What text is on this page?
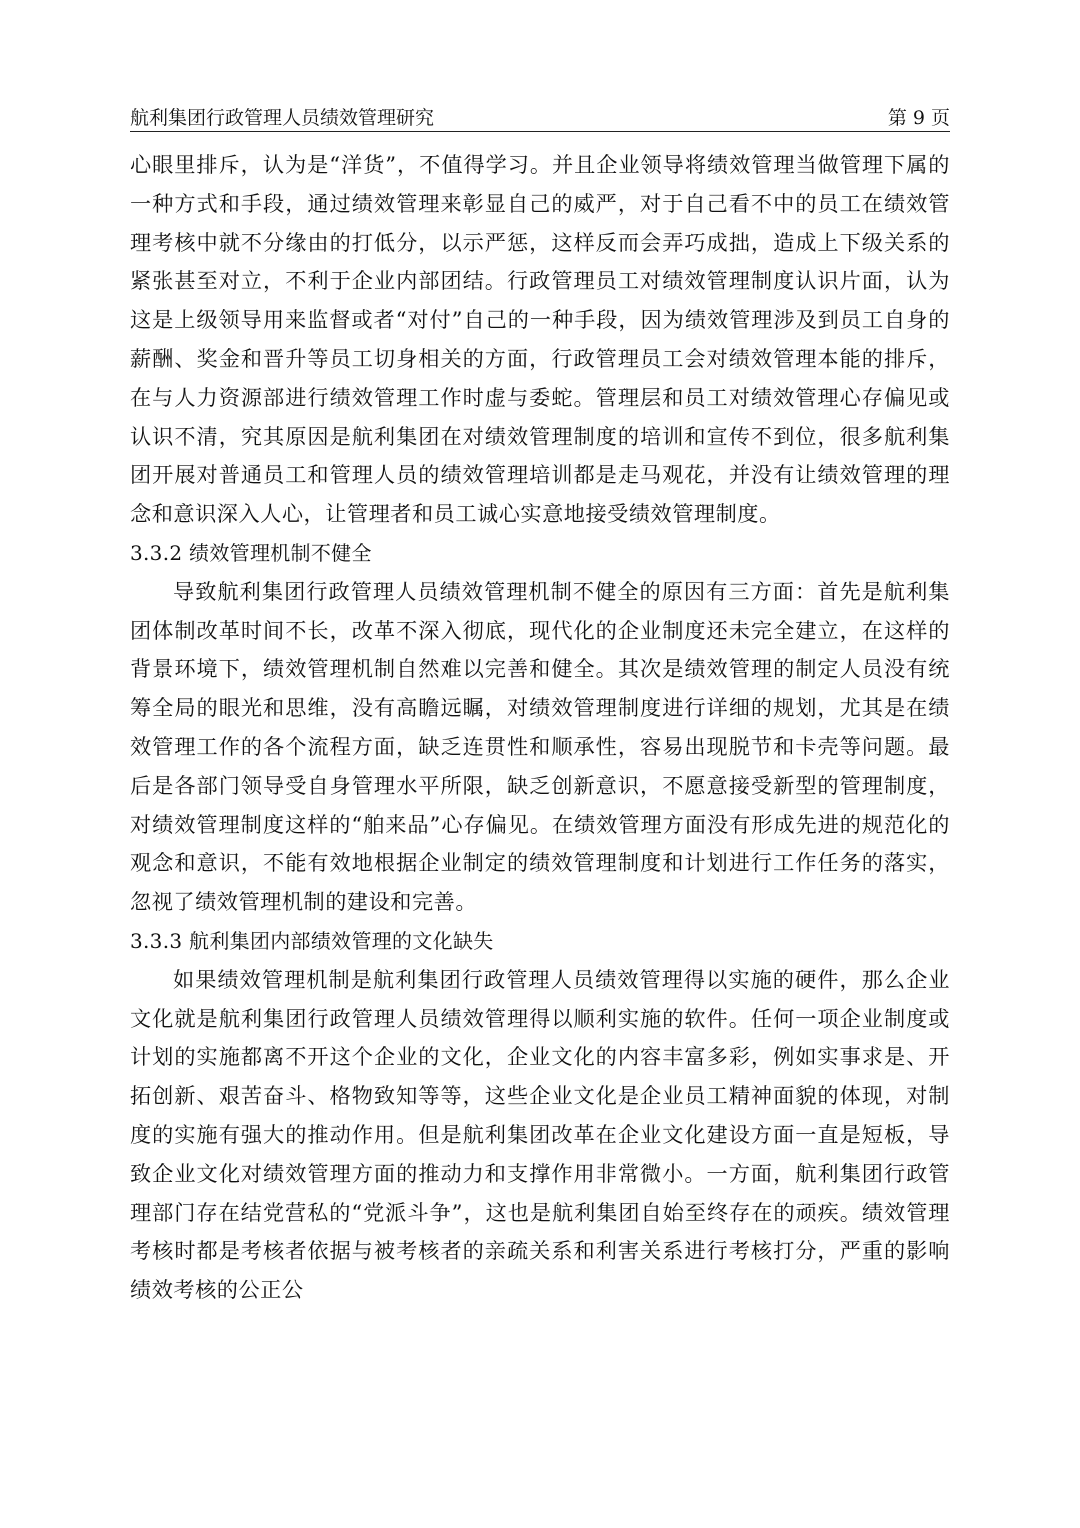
航利集团行政管理人员绩效管理研究	第 9 页

心眼里排斥，认为是“洋货”，不值得学习。并且企业领导将绩效管理当做管理下属的一种方式和手段，通过绩效管理来彰显自己的威严，对于自己看不中的员工在绩效管理考核中就不分缘由的打低分，以示严惩，这样反而会弄巧成拙，造成上下级关系的紧张甚至对立，不利于企业内部团结。行政管理员工对绩效管理制度认识片面，认为这是上级领导用来监督或者“对付”自己的一种手段，因为绩效管理涉及到员工自身的薪酬、奖金和晋升等员工切身相关的方面，行政管理员工会对绩效管理本能的排斥，在与人力资源部进行绩效管理工作时虚与委蛇。管理层和员工对绩效管理心存偏见或认识不清，究其原因是航利集团在对绩效管理制度的培训和宣传不到位，很多航利集团开展对普通员工和管理人员的绩效管理培训都是走马观花，并没有让绩效管理的理念和意识深入人心，让管理者和员工诚心实意地接受绩效管理制度。

3.3.2 绩效管理机制不健全

导致航利集团行政管理人员绩效管理机制不健全的原因有三方面：首先是航利集团体制改革时间不长，改革不深入彻底，现代化的企业制度还未完全建立，在这样的背景环境下，绩效管理机制自然难以完善和健全。其次是绩效管理的制定人员没有统筹全局的眼光和思维，没有高瞻远瞩，对绩效管理制度进行详细的规划，尤其是在绩效管理工作的各个流程方面，缺乏连贯性和顺承性，容易出现脱节和卡壳等问题。最后是各部门领导受自身管理水平所限，缺乏创新意识，不愿意接受新型的管理制度，对绩效管理制度这样的“舶来品”心存偏见。在绩效管理方面没有形成先进的规范化的观念和意识，不能有效地根据企业制定的绩效管理制度和计划进行工作任务的落实，忽视了绩效管理机制的建设和完善。

3.3.3 航利集团内部绩效管理的文化缺失

如果绩效管理机制是航利集团行政管理人员绩效管理得以实施的硬件，那么企业文化就是航利集团行政管理人员绩效管理得以顺利实施的软件。任何一项企业制度或计划的实施都离不开这个企业的文化，企业文化的内容丰富多彩，例如实事求是、开拓创新、艰苦奋斗、格物致知等等，这些企业文化是企业员工精神面貌的体现，对制度的实施有强大的推动作用。但是航利集团改革在企业文化建设方面一直是短板，导致企业文化对绩效管理方面的推动力和支撑作用非常微小。一方面，航利集团行政管理部门存在结党营私的“党派斗争”，这也是航利集团自始至终存在的顽疾。绩效管理考核时都是考核者依据与被考核者的亲疏关系和利害关系进行考核打分，严重的影响绩效考核的公正公
